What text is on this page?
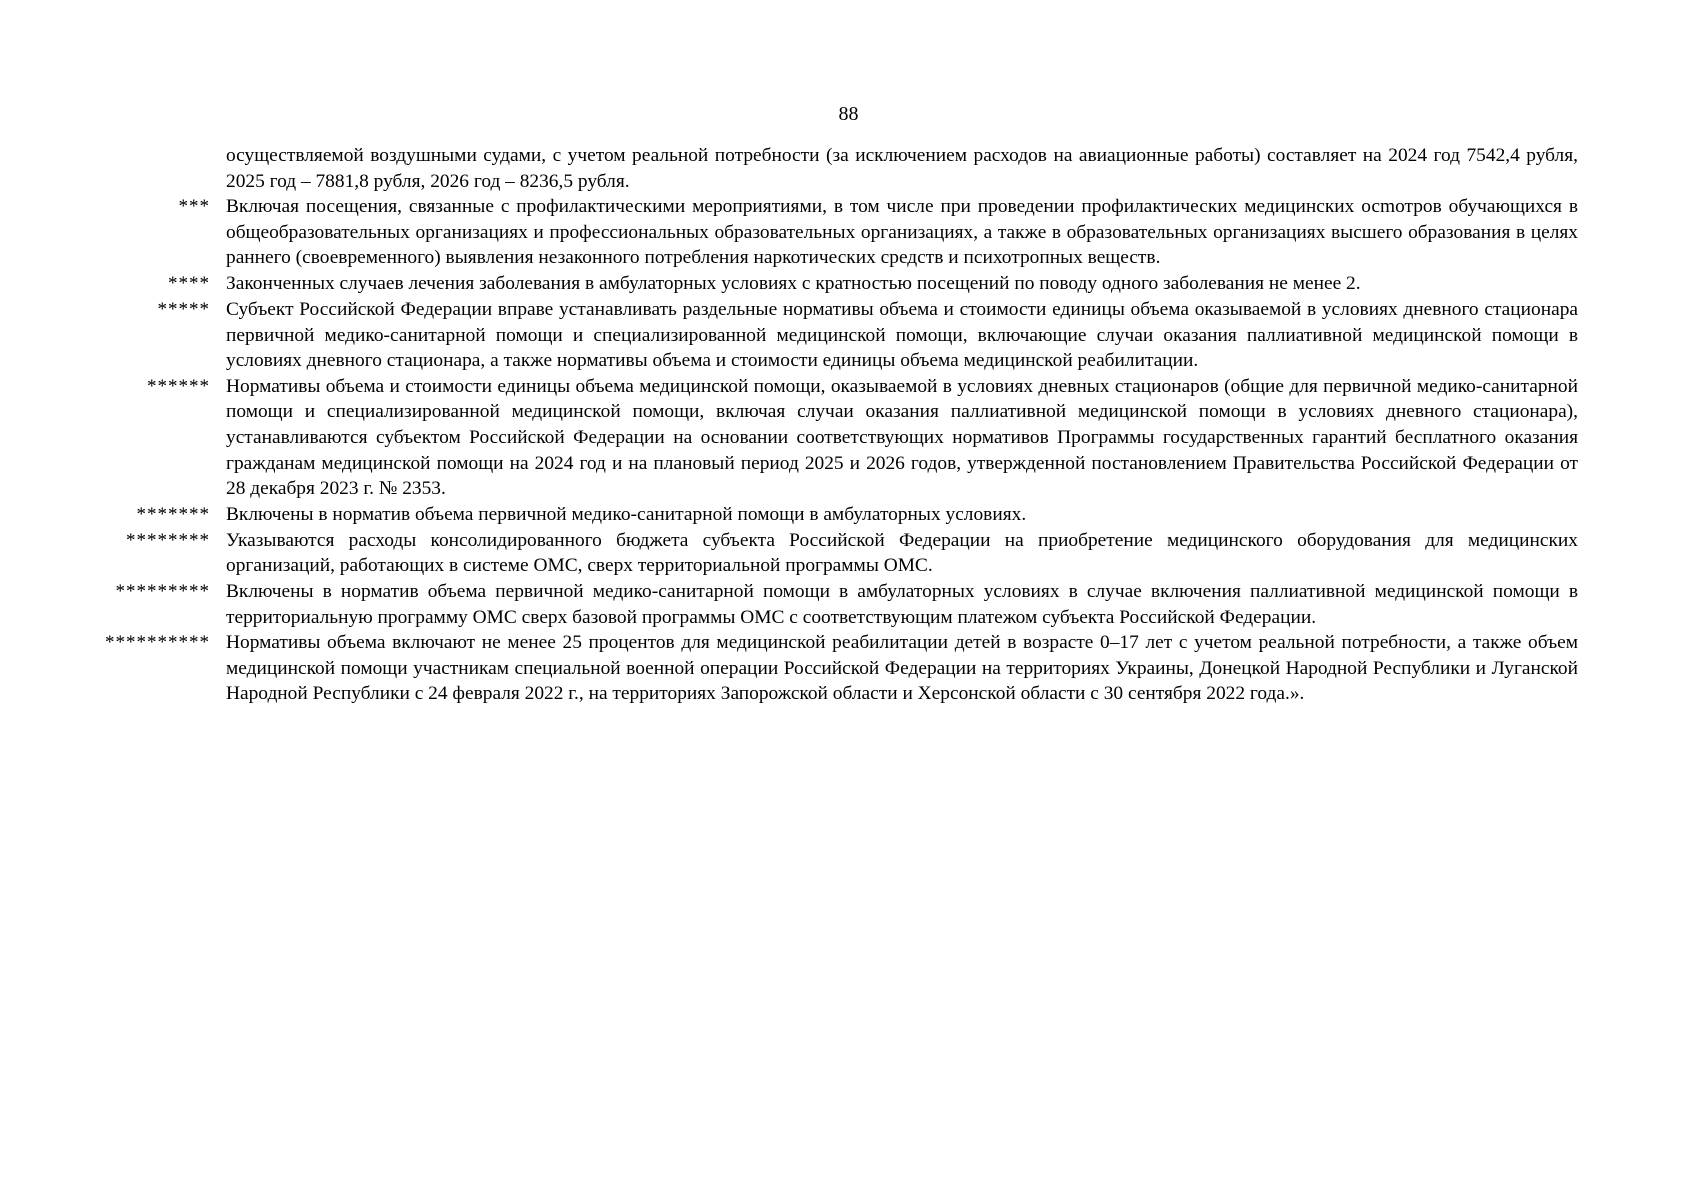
88
осуществляемой воздушными судами, с учетом реальной потребности (за исключением расходов на авиационные работы) составляет на 2024 год 7542,4 рубля, 2025 год – 7881,8 рубля, 2026 год – 8236,5 рубля.
*** Включая посещения, связанные с профилактическими мероприятиями, в том числе при проведении профилактических медицинских осmотров обучающихся в общеобразовательных организациях и профессиональных образовательных организациях, а также в образовательных организациях высшего образования в целях раннего (своевременного) выявления незаконного потребления наркотических средств и психотропных веществ.
**** Законченных случаев лечения заболевания в амбулаторных условиях с кратностью посещений по поводу одного заболевания не менее 2.
***** Субъект Российской Федерации вправе устанавливать раздельные нормативы объема и стоимости единицы объема оказываемой в условиях дневного стационара первичной медико-санитарной помощи и специализированной медицинской помощи, включающие случаи оказания паллиативной медицинской помощи в условиях дневного стационара, а также нормативы объема и стоимости единицы объема медицинской реабилитации.
****** Нормативы объема и стоимости единицы объема медицинской помощи, оказываемой в условиях дневных стационаров (общие для первичной медико-санитарной помощи и специализированной медицинской помощи, включая случаи оказания паллиативной медицинской помощи в условиях дневного стационара), устанавливаются субъектом Российской Федерации на основании соответствующих нормативов Программы государственных гарантий бесплатного оказания гражданам медицинской помощи на 2024 год и на плановый период 2025 и 2026 годов, утвержденной постановлением Правительства Российской Федерации от 28 декабря 2023 г. № 2353.
******* Включены в норматив объема первичной медико-санитарной помощи в амбулаторных условиях.
******** Указываются расходы консолидированного бюджета субъекта Российской Федерации на приобретение медицинского оборудования для медицинских организаций, работающих в системе ОМС, сверх территориальной программы ОМС.
********* Включены в норматив объема первичной медико-санитарной помощи в амбулаторных условиях в случае включения паллиативной медицинской помощи в территориальную программу ОМС сверх базовой программы ОМС с соответствующим платежом субъекта Российской Федерации.
********** Нормативы объема включают не менее 25 процентов для медицинской реабилитации детей в возрасте 0–17 лет с учетом реальной потребности, а также объем медицинской помощи участникам специальной военной операции Российской Федерации на территориях Украины, Донецкой Народной Республики и Луганской Народной Республики с 24 февраля 2022 г., на территориях Запорожской области и Херсонской области с 30 сентября 2022 года.».
